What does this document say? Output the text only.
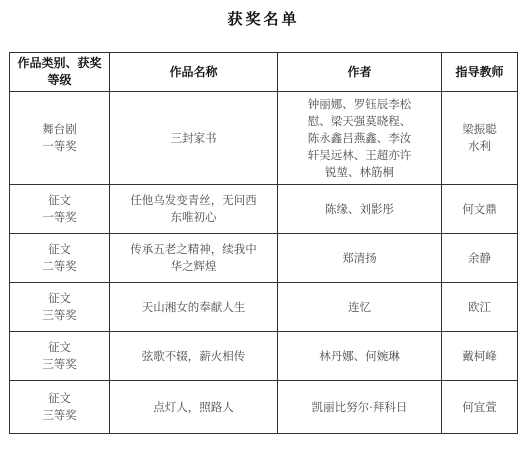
获奖名单
作品类别、获奖等级	作品名称	作者	指导教师

舞台剧
一等奖	三封家书	钟丽娜、罗钰辰李松
慰、梁天强莫晓程、
陈永鑫吕燕鑫、李汝
轩吴远林、王超亦许
锐堃、林筋桐	梁振聪
水利

征文
一等奖	任他乌发变青丝，无问西
东唯初心	陈缘、刘影彤	何文鼎

征文
二等奖	传承五老之精神，续我中
华之辉煌	郑清扬	余静

征文
三等奖	天山湘女的奉献人生	连忆	欧江

征文
三等奖	弦歌不辍，薪火相传	林丹娜、何婉琳	戴柯峰

征文
三等奖	点灯人，照路人	凯丽比努尔·拜科日	何宜萱
